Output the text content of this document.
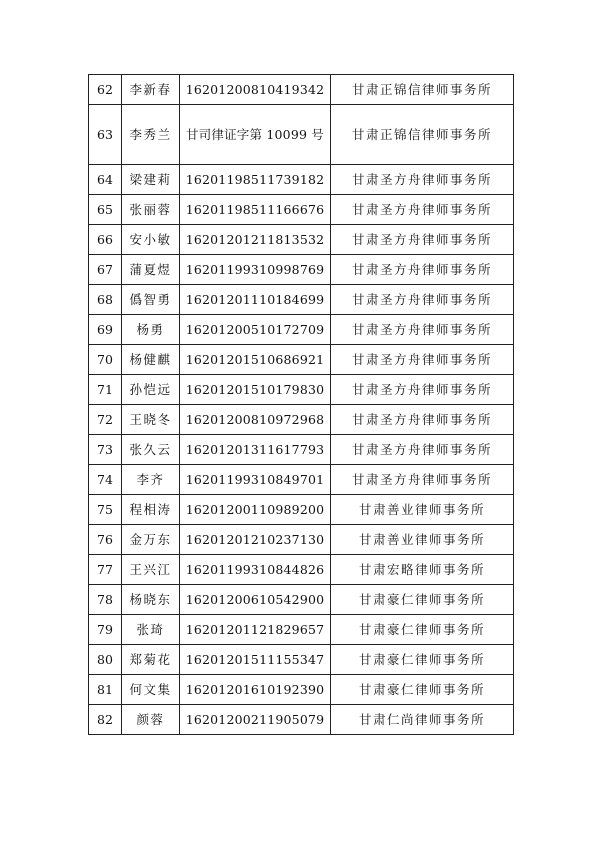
62	李新春	16201200810419342	甘肃正锦信律师事务所
63	李秀兰	甘司律证字第 10099 号	甘肃正锦信律师事务所
64	梁建莉	16201198511739182	甘肃圣方舟律师事务所
65	张丽蓉	16201198511166676	甘肃圣方舟律师事务所
66	安小敏	16201201211813532	甘肃圣方舟律师事务所
67	蒲夏煜	16201199310998769	甘肃圣方舟律师事务所
68	僞智勇	16201201110184699	甘肃圣方舟律师事务所
69	杨勇	16201200510172709	甘肃圣方舟律师事务所
70	杨健麒	16201201510686921	甘肃圣方舟律师事务所
71	孙恺远	16201201510179830	甘肃圣方舟律师事务所
72	王晓冬	16201200810972968	甘肃圣方舟律师事务所
73	张久云	16201201311617793	甘肃圣方舟律师事务所
74	李齐	16201199310849701	甘肃圣方舟律师事务所
75	程相涛	16201200110989200	甘肃善业律师事务所
76	金万东	16201201210237130	甘肃善业律师事务所
77	王兴江	16201199310844826	甘肃宏略律师事务所
78	杨晓东	16201200610542900	甘肃豪仁律师事务所
79	张琦	16201201121829657	甘肃豪仁律师事务所
80	郑菊花	16201201511155347	甘肃豪仁律师事务所
81	何文集	16201201610192390	甘肃豪仁律师事务所
82	颜蓉	16201200211905079	甘肃仁尚律师事务所
